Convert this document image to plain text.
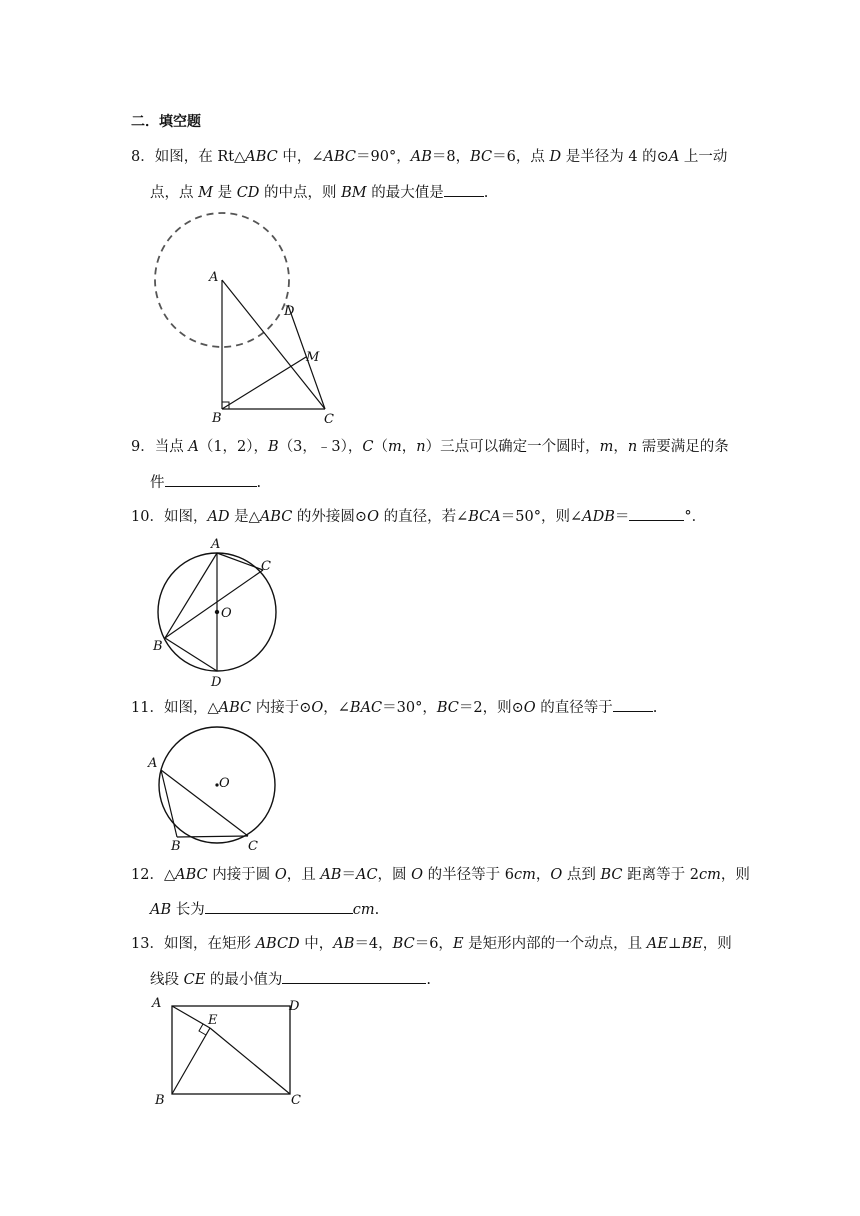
二．填空题
8．如图，在 Rt△ABC 中，∠ABC＝90°，AB＝8，BC＝6，点 D 是半径为 4 的⊙A 上一动
点，点 M 是 CD 的中点，则 BM 的最大值是	.
A
B	C
D
M
9．当点 A（1，2），B（3，﹣3），C（m，n）三点可以确定一个圆时，m，n 需要满足的条
件	.
10．如图，AD 是△ABC 的外接圆⊙O 的直径，若∠BCA＝50°，则∠ADB＝	°．
A
B
C
D
O
11．如图，△ABC 内接于⊙O，∠BAC＝30°，BC＝2，则⊙O 的直径等于	.
A
B	C
O
12．△ABC 内接于圆 O，且 AB＝AC，圆 O 的半径等于 6cm，O 点到 BC 距离等于 2cm，则
AB 长为	cm.
13．如图，在矩形 ABCD 中，AB＝4，BC＝6，E 是矩形内部的一个动点，且 AE⊥BE，则
线段 CE 的最小值为	.
A
B	C
D
E
